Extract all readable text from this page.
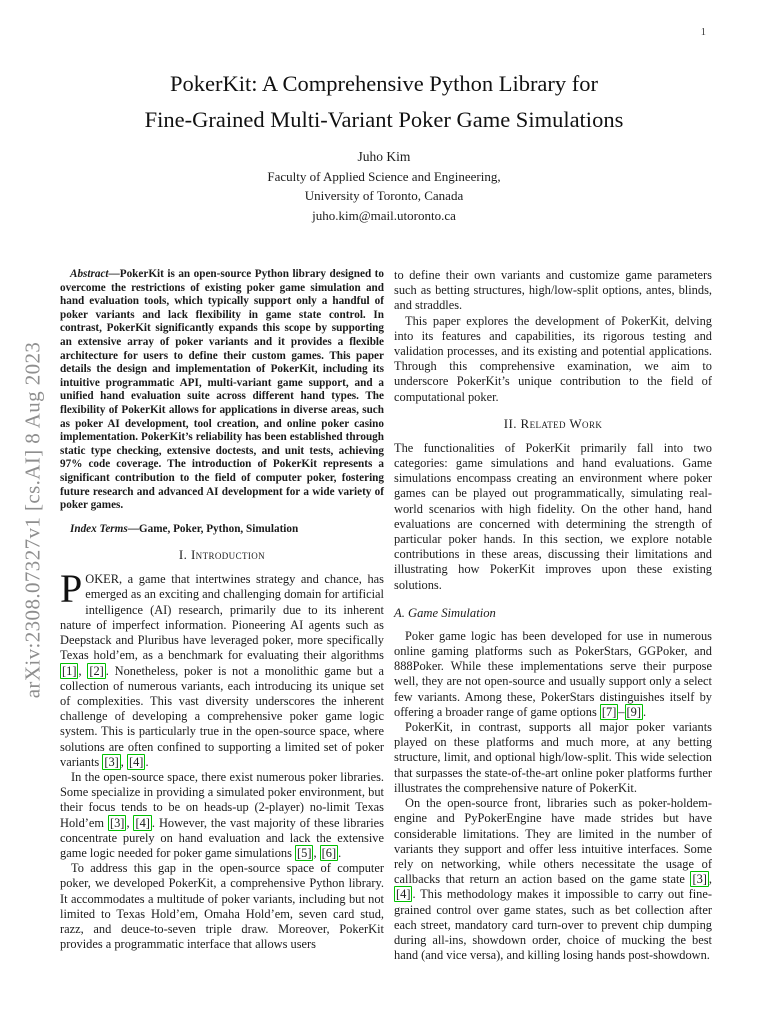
1
arXiv:2308.07327v1 [cs.AI] 8 Aug 2023
PokerKit: A Comprehensive Python Library for
Fine-Grained Multi-Variant Poker Game Simulations
Juho Kim
Faculty of Applied Science and Engineering,
University of Toronto, Canada
juho.kim@mail.utoronto.ca

Abstract—PokerKit is an open-source Python library designed to overcome the restrictions of existing poker game simulation and hand evaluation tools, which typically support only a handful of poker variants and lack flexibility in game state control. In contrast, PokerKit significantly expands this scope by supporting an extensive array of poker variants and it provides a flexible architecture for users to define their custom games. This paper details the design and implementation of PokerKit, including its intuitive programmatic API, multi-variant game support, and a unified hand evaluation suite across different hand types. The flexibility of PokerKit allows for applications in diverse areas, such as poker AI development, tool creation, and online poker casino implementation. PokerKit’s reliability has been established through static type checking, extensive doctests, and unit tests, achieving 97% code coverage. The introduction of PokerKit represents a significant contribution to the field of computer poker, fostering future research and advanced AI development for a wide variety of poker games.

Index Terms—Game, Poker, Python, Simulation

I. Introduction

POKER, a game that intertwines strategy and chance, has emerged as an exciting and challenging domain for artificial intelligence (AI) research, primarily due to its inherent nature of imperfect information. Pioneering AI agents such as Deepstack and Pluribus have leveraged poker, more specifically Texas hold’em, as a benchmark for evaluating their algorithms [1] , [2] . Nonetheless, poker is not a monolithic game but a collection of numerous variants, each introducing its unique set of complexities. This vast diversity underscores the inherent challenge of developing a comprehensive poker game logic system. This is particularly true in the open-source space, where solutions are often confined to supporting a limited set of poker variants [3] , [4] .

In the open-source space, there exist numerous poker libraries. Some specialize in providing a simulated poker environment, but their focus tends to be on heads-up (2-player) no-limit Texas Hold’em [3] , [4] . However, the vast majority of these libraries concentrate purely on hand evaluation and lack the extensive game logic needed for poker game simulations [5] , [6] .

To address this gap in the open-source space of computer poker, we developed PokerKit, a comprehensive Python library. It accommodates a multitude of poker variants, including but not limited to Texas Hold’em, Omaha Hold’em, seven card stud, razz, and deuce-to-seven triple draw. Moreover, PokerKit provides a programmatic interface that allows users

to define their own variants and customize game parameters such as betting structures, high/low-split options, antes, blinds, and straddles.

This paper explores the development of PokerKit, delving into its features and capabilities, its rigorous testing and validation processes, and its existing and potential applications. Through this comprehensive examination, we aim to underscore PokerKit’s unique contribution to the field of computational poker.

II. Related Work

The functionalities of PokerKit primarily fall into two categories: game simulations and hand evaluations. Game simulations encompass creating an environment where poker games can be played out programmatically, simulating real-world scenarios with high fidelity. On the other hand, hand evaluations are concerned with determining the strength of particular poker hands. In this section, we explore notable contributions in these areas, discussing their limitations and illustrating how PokerKit improves upon these existing solutions.

A. Game Simulation

Poker game logic has been developed for use in numerous online gaming platforms such as PokerStars, GGPoker, and 888Poker. While these implementations serve their purpose well, they are not open-source and usually support only a select few variants. Among these, PokerStars distinguishes itself by offering a broader range of game options [7] – [9] .

PokerKit, in contrast, supports all major poker variants played on these platforms and much more, at any betting structure, limit, and optional high/low-split. This wide selection that surpasses the state-of-the-art online poker platforms further illustrates the comprehensive nature of PokerKit.

On the open-source front, libraries such as poker-holdem-engine and PyPokerEngine have made strides but have considerable limitations. They are limited in the number of variants they support and offer less intuitive interfaces. Some rely on networking, while others necessitate the usage of callbacks that return an action based on the game state [3] , [4] . This methodology makes it impossible to carry out fine-grained control over game states, such as bet collection after each street, mandatory card turn-over to prevent chip dumping during all-ins, showdown order, choice of mucking the best hand (and vice versa), and killing losing hands post-showdown.
